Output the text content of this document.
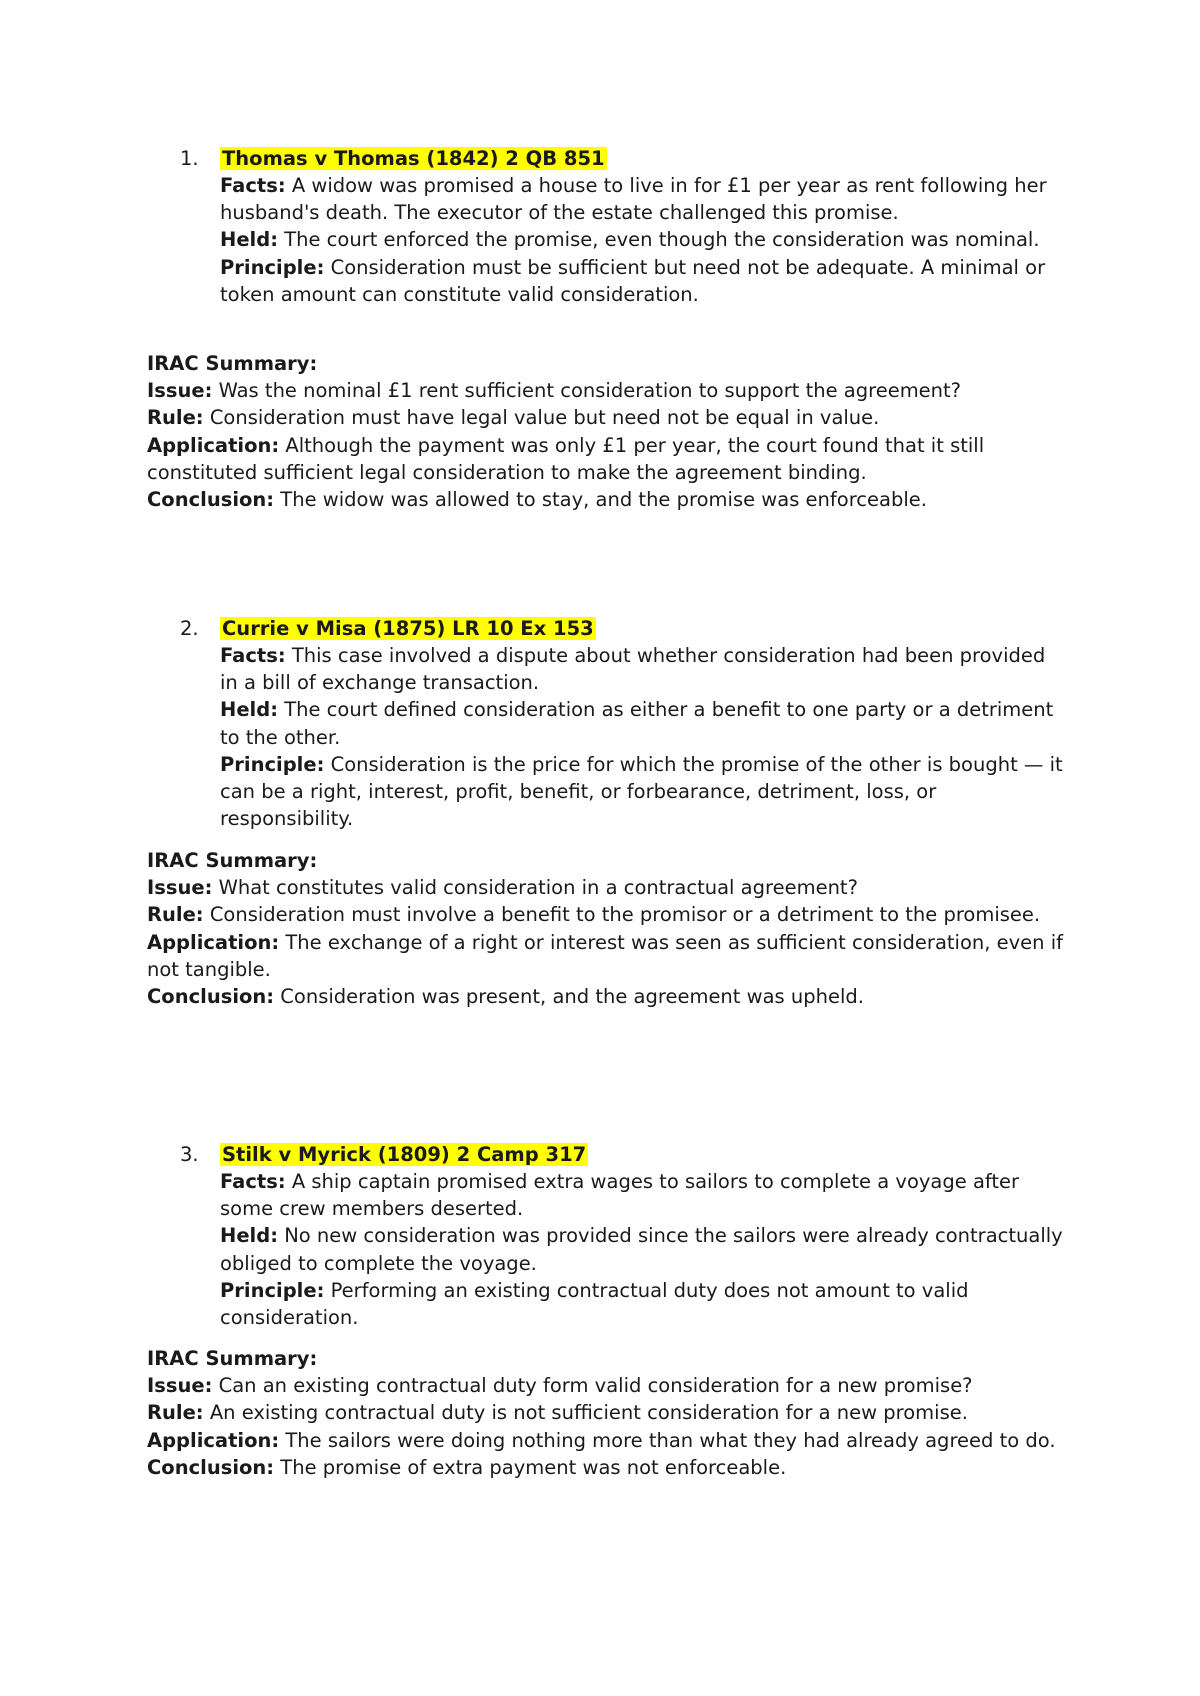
1. Thomas v Thomas (1842) 2 QB 851
Facts: A widow was promised a house to live in for £1 per year as rent following her husband's death. The executor of the estate challenged this promise.
Held: The court enforced the promise, even though the consideration was nominal.
Principle: Consideration must be sufficient but need not be adequate. A minimal or token amount can constitute valid consideration.
IRAC Summary:
Issue: Was the nominal £1 rent sufficient consideration to support the agreement?
Rule: Consideration must have legal value but need not be equal in value.
Application: Although the payment was only £1 per year, the court found that it still constituted sufficient legal consideration to make the agreement binding.
Conclusion: The widow was allowed to stay, and the promise was enforceable.
2. Currie v Misa (1875) LR 10 Ex 153
Facts: This case involved a dispute about whether consideration had been provided in a bill of exchange transaction.
Held: The court defined consideration as either a benefit to one party or a detriment to the other.
Principle: Consideration is the price for which the promise of the other is bought — it can be a right, interest, profit, benefit, or forbearance, detriment, loss, or responsibility.
IRAC Summary:
Issue: What constitutes valid consideration in a contractual agreement?
Rule: Consideration must involve a benefit to the promisor or a detriment to the promisee.
Application: The exchange of a right or interest was seen as sufficient consideration, even if not tangible.
Conclusion: Consideration was present, and the agreement was upheld.
3. Stilk v Myrick (1809) 2 Camp 317
Facts: A ship captain promised extra wages to sailors to complete a voyage after some crew members deserted.
Held: No new consideration was provided since the sailors were already contractually obliged to complete the voyage.
Principle: Performing an existing contractual duty does not amount to valid consideration.
IRAC Summary:
Issue: Can an existing contractual duty form valid consideration for a new promise?
Rule: An existing contractual duty is not sufficient consideration for a new promise.
Application: The sailors were doing nothing more than what they had already agreed to do.
Conclusion: The promise of extra payment was not enforceable.
